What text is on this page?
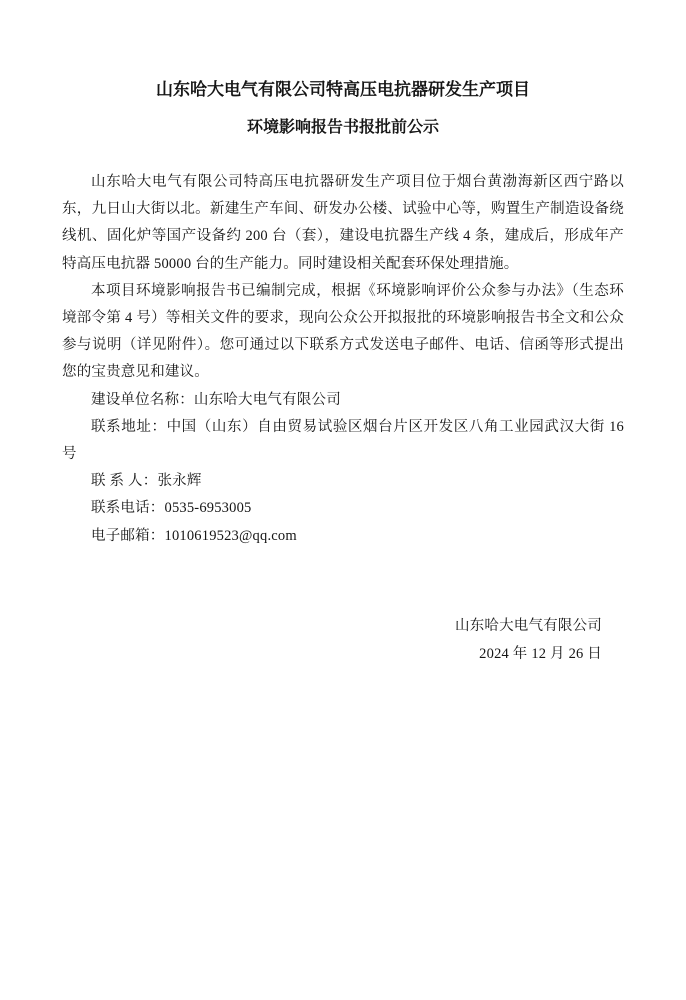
山东哈大电气有限公司特高压电抗器研发生产项目
环境影响报告书报批前公示

山东哈大电气有限公司特高压电抗器研发生产项目位于烟台黄渤海新区西宁路以东，九日山大街以北。新建生产车间、研发办公楼、试验中心等，购置生产制造设备绕线机、固化炉等国产设备约 200 台（套），建设电抗器生产线 4 条，建成后，形成年产特高压电抗器 50000 台的生产能力。同时建设相关配套环保处理措施。

本项目环境影响报告书已编制完成，根据《环境影响评价公众参与办法》（生态环境部令第 4 号）等相关文件的要求，现向公众公开拟报批的环境影响报告书全文和公众参与说明（详见附件）。您可通过以下联系方式发送电子邮件、电话、信函等形式提出您的宝贵意见和建议。

建设单位名称：山东哈大电气有限公司

联系地址：中国（山东）自由贸易试验区烟台片区开发区八角工业园武汉大街 16 号

联 系 人：张永辉

联系电话：0535-6953005

电子邮箱：1010619523@qq.com

山东哈大电气有限公司
2024 年 12 月 26 日
